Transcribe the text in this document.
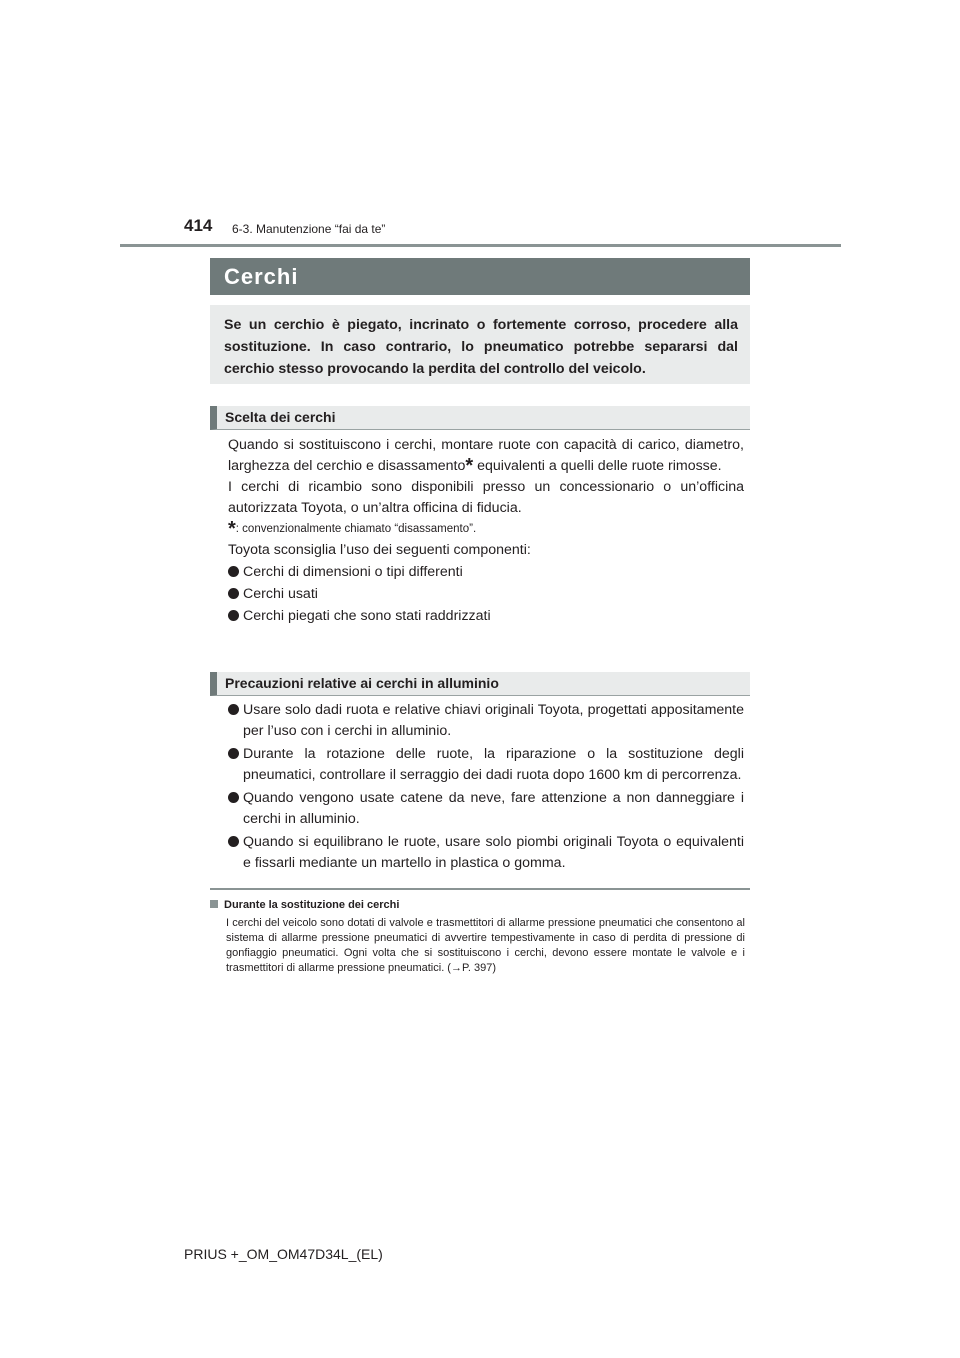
414 6-3. Manutenzione “fai da te”
Cerchi
Se un cerchio è piegato, incrinato o fortemente corroso, procedere alla sostituzione. In caso contrario, lo pneumatico potrebbe separarsi dal cerchio stesso provocando la perdita del controllo del veicolo.
Scelta dei cerchi

Quando si sostituiscono i cerchi, montare ruote con capacità di carico, diametro, larghezza del cerchio e disassamento* equivalenti a quelli delle ruote rimosse.

I cerchi di ricambio sono disponibili presso un concessionario o un’officina autorizzata Toyota, o un’altra officina di fiducia.

*: convenzionalmente chiamato “disassamento”.

Toyota sconsiglia l’uso dei seguenti componenti:

Cerchi di dimensioni o tipi differenti
Cerchi usati
Cerchi piegati che sono stati raddrizzati
Precauzioni relative ai cerchi in alluminio
Usare solo dadi ruota e relative chiavi originali Toyota, progettati appositamente per l’uso con i cerchi in alluminio.
Durante la rotazione delle ruote, la riparazione o la sostituzione degli pneumatici, controllare il serraggio dei dadi ruota dopo 1600 km di percorrenza.
Quando vengono usate catene da neve, fare attenzione a non danneggiare i cerchi in alluminio.
Quando si equilibrano le ruote, usare solo piombi originali Toyota o equivalenti e fissarli mediante un martello in plastica o gomma.
Durante la sostituzione dei cerchi
I cerchi del veicolo sono dotati di valvole e trasmettitori di allarme pressione pneumatici che consentono al sistema di allarme pressione pneumatici di avvertire tempestivamente in caso di perdita di pressione di gonfiaggio pneumatici. Ogni volta che si sostituiscono i cerchi, devono essere montate le valvole e i trasmettitori di allarme pressione pneumatici. (→P. 397)
PRIUS +_OM_OM47D34L_(EL)
